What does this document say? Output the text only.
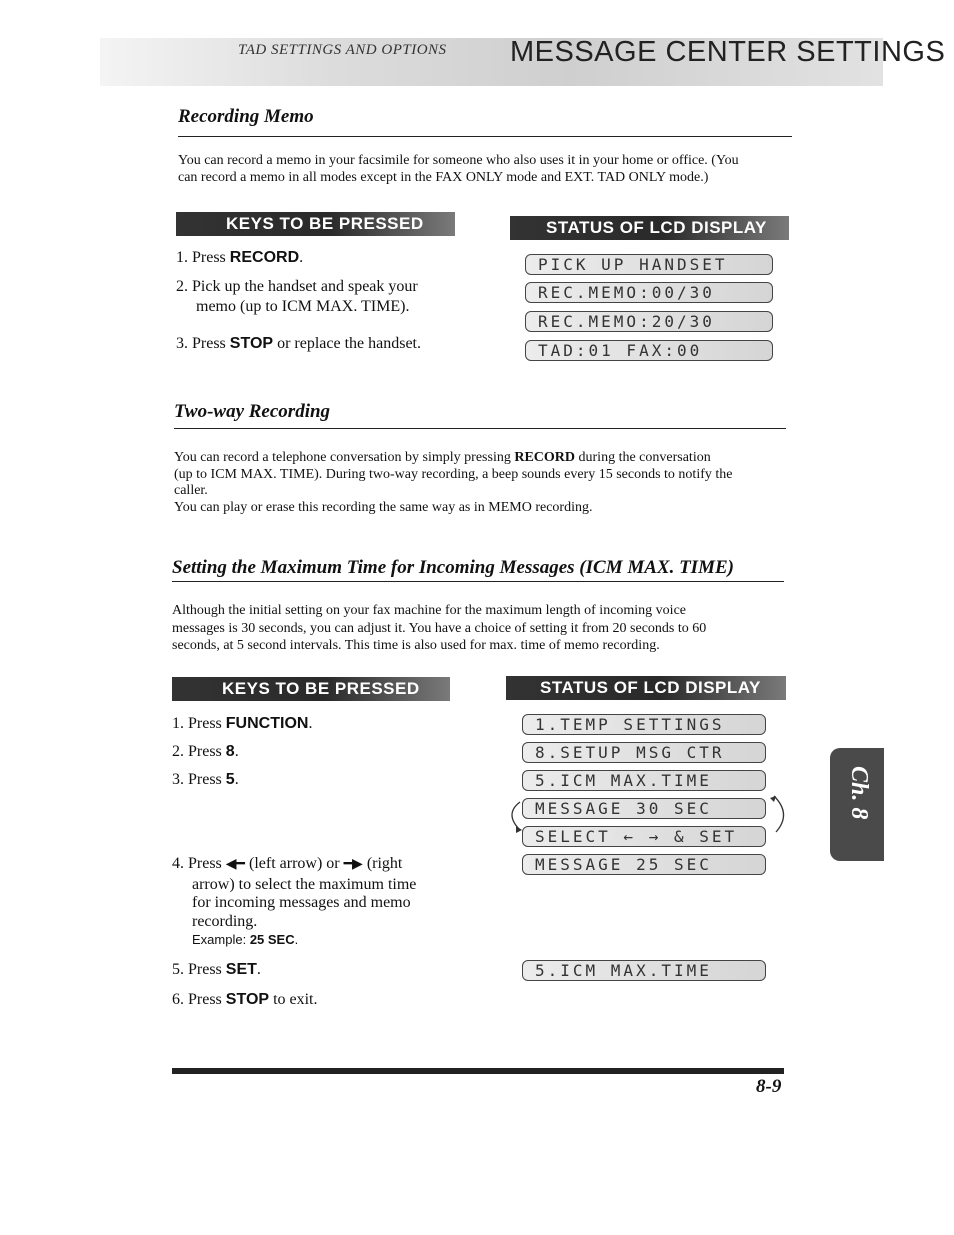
TAD SETTINGS AND OPTIONS MESSAGE CENTER SETTINGS
Recording Memo
You can record a memo in your facsimile for someone who also uses it in your home or office. (You
can record a memo in all modes except in the FAX ONLY mode and EXT. TAD ONLY mode.)
KEYS TO BE PRESSED	STATUS OF LCD DISPLAY
1. Press RECORD.
2. Pick up the handset and speak your
memo (up to ICM MAX. TIME).
3. Press STOP or replace the handset.
PICK UP HANDSET
REC.MEMO:00/30
REC.MEMO:20/30
TAD:01 FAX:00
Two-way Recording
You can record a telephone conversation by simply pressing RECORD during the conversation
(up to ICM MAX. TIME). During two-way recording, a beep sounds every 15 seconds to notify the
caller.
You can play or erase this recording the same way as in MEMO recording.
Setting the Maximum Time for Incoming Messages (ICM MAX. TIME)
Although the initial setting on your fax machine for the maximum length of incoming voice
messages is 30 seconds, you can adjust it. You have a choice of setting it from 20 seconds to 60
seconds, at 5 second intervals. This time is also used for max. time of memo recording.
KEYS TO BE PRESSED	STATUS OF LCD DISPLAY
1. Press FUNCTION.
2. Press 8.
3. Press 5.
4. Press ◀━ (left arrow) or ━▶ (right
arrow) to select the maximum time
for incoming messages and memo
recording.
Example: 25 SEC.
5. Press SET.
6. Press STOP to exit.
1.TEMP SETTINGS
8.SETUP MSG CTR
5.ICM MAX.TIME
MESSAGE 30 SEC
SELECT ← → & SET
MESSAGE 25 SEC
5.ICM MAX.TIME
Ch. 8
8-9
